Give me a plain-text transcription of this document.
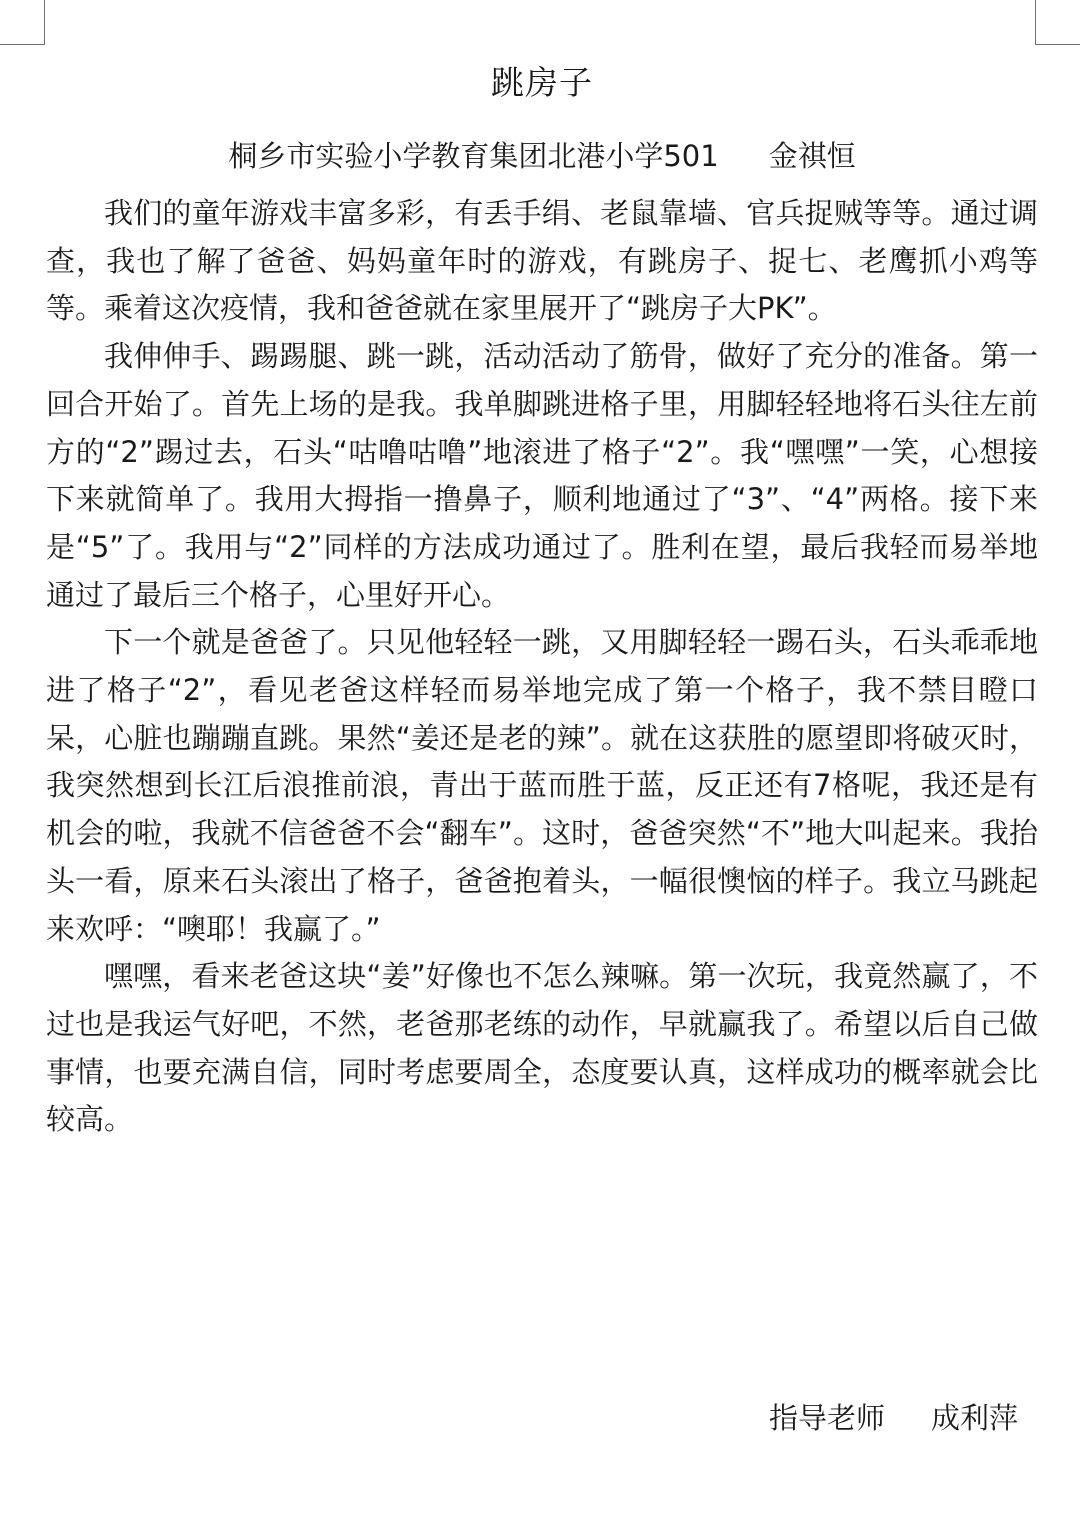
跳房子
桐乡市实验小学教育集团北港小学501 金祺恒

我们的童年游戏丰富多彩，有丢手绢、老鼠靠墙、官兵捉贼等等。通过调查，我也了解了爸爸、妈妈童年时的游戏，有跳房子、捉七、老鹰抓小鸡等等。乘着这次疫情，我和爸爸就在家里展开了“跳房子大PK”。

我伸伸手、踢踢腿、跳一跳，活动活动了筋骨，做好了充分的准备。第一回合开始了。首先上场的是我。我单脚跳进格子里，用脚轻轻地将石头往左前方的“2”踢过去，石头“咕噜咕噜”地滚进了格子“2”。我“嘿嘿”一笑，心想接下来就简单了。我用大拇指一撸鼻子，顺利地通过了“3”、“4”两格。接下来是“5”了。我用与“2”同样的方法成功通过了。胜利在望，最后我轻而易举地通过了最后三个格子，心里好开心。

下一个就是爸爸了。只见他轻轻一跳，又用脚轻轻一踢石头，石头乖乖地进了格子“2”，看见老爸这样轻而易举地完成了第一个格子，我不禁目瞪口呆，心脏也蹦蹦直跳。果然“姜还是老的辣”。就在这获胜的愿望即将破灭时，我突然想到长江后浪推前浪，青出于蓝而胜于蓝，反正还有7格呢，我还是有机会的啦，我就不信爸爸不会“翻车”。这时，爸爸突然“不”地大叫起来。我抬头一看，原来石头滚出了格子，爸爸抱着头，一幅很懊恼的样子。我立马跳起来欢呼：“噢耶！我赢了。”

嘿嘿，看来老爸这块“姜”好像也不怎么辣嘛。第一次玩，我竟然赢了，不过也是我运气好吧，不然，老爸那老练的动作，早就赢我了。希望以后自己做事情，也要充满自信，同时考虑要周全，态度要认真，这样成功的概率就会比较高。

指导老师 成利萍
